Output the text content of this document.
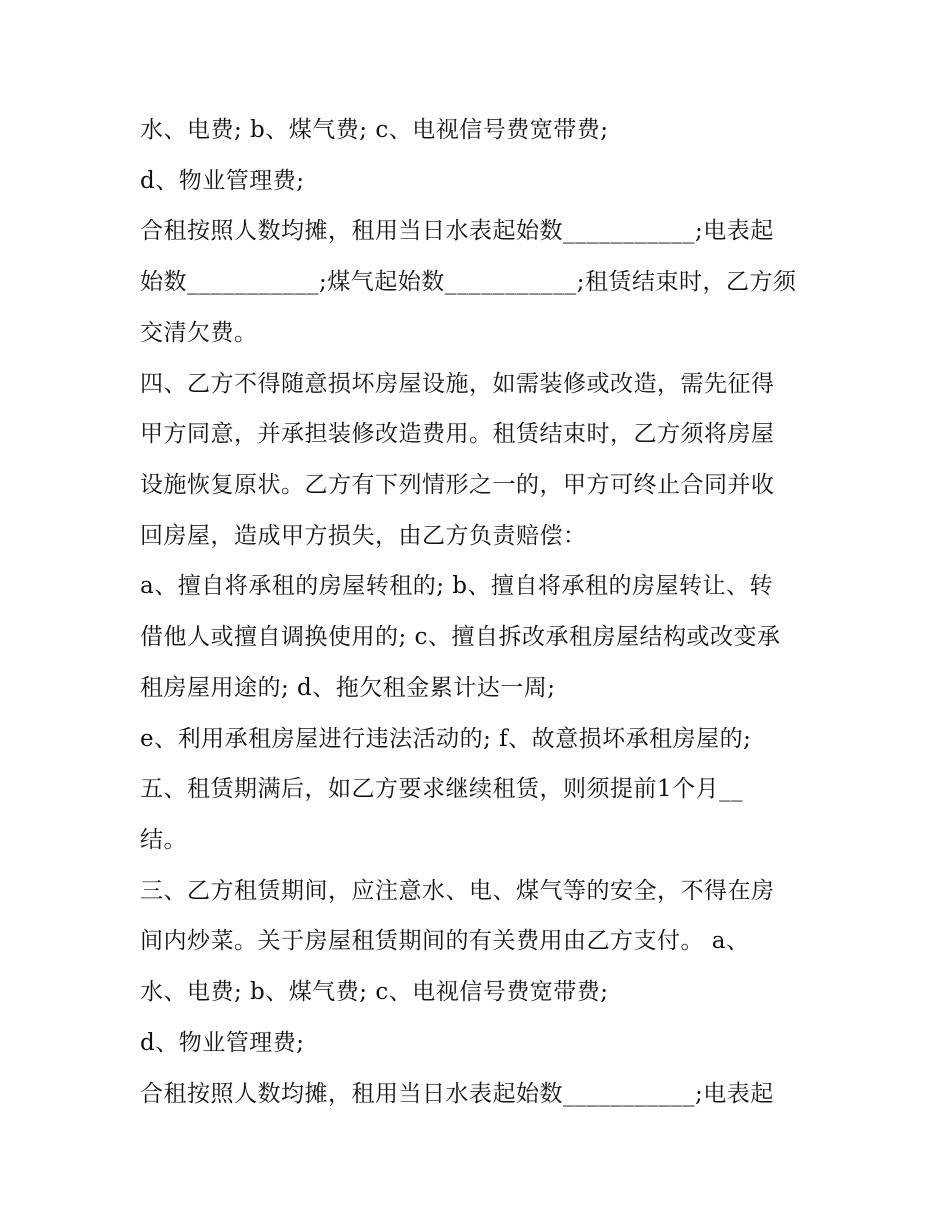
水、电费; b、煤气费; c、电视信号费宽带费;
d、物业管理费;
合租按照人数均摊，租用当日水表起始数___________;电表起
始数___________;煤气起始数___________;租赁结束时，乙方须
交清欠费。
四、乙方不得随意损坏房屋设施，如需装修或改造，需先征得
甲方同意，并承担装修改造费用。租赁结束时，乙方须将房屋
设施恢复原状。乙方有下列情形之一的，甲方可终止合同并收
回房屋，造成甲方损失，由乙方负责赔偿：
a、擅自将承租的房屋转租的; b、擅自将承租的房屋转让、转
借他人或擅自调换使用的; c、擅自拆改承租房屋结构或改变承
租房屋用途的; d、拖欠租金累计达一周;
e、利用承租房屋进行违法活动的; f、故意损坏承租房屋的;
五、租赁期满后，如乙方要求继续租赁，则须提前1个月__
结。
三、乙方租赁期间，应注意水、电、煤气等的安全，不得在房
间内炒菜。关于房屋租赁期间的有关费用由乙方支付。 a、
水、电费; b、煤气费; c、电视信号费宽带费;
d、物业管理费;
合租按照人数均摊，租用当日水表起始数___________;电表起
